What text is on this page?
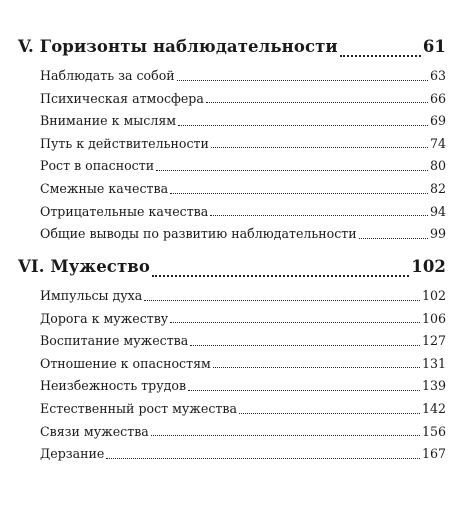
V. Горизонты наблюдательности	61
Наблюдать за собой	63
Психическая атмосфера	66
Внимание к мыслям	69
Путь к действительности	74
Рост в опасности	80
Смежные качества	82
Отрицательные качества	94
Общие выводы по развитию наблюдательности	99
VI. Мужество	102
Импульсы духа	102
Дорога к мужеству	106
Воспитание мужества	127
Отношение к опасностям	131
Неизбежность трудов	139
Естественный рост мужества	142
Связи мужества	156
Дерзание	167
